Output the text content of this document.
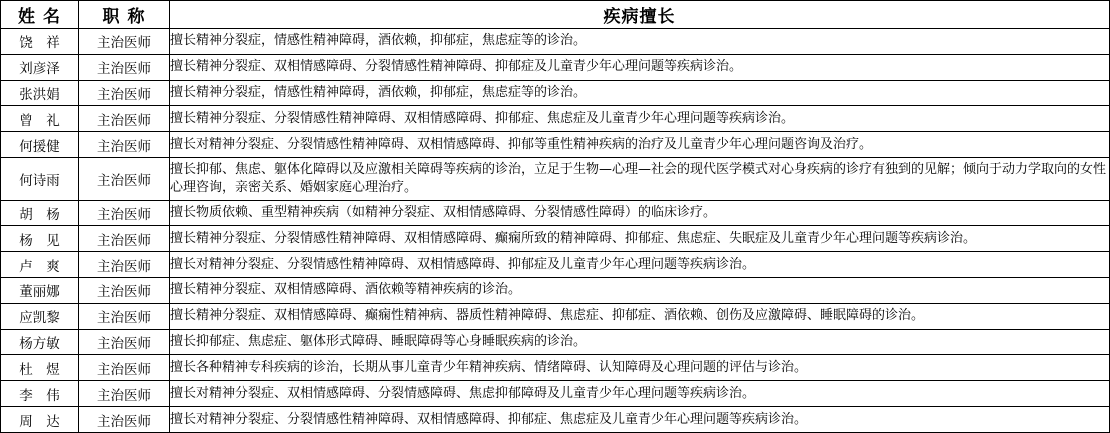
姓 名	职 称	疾病擅长
饶　祥	主治医师	擅长精神分裂症，情感性精神障碍，酒依赖，抑郁症，焦虑症等的诊治。
刘彦泽	主治医师	擅长精神分裂症、双相情感障碍、分裂情感性精神障碍、抑郁症及儿童青少年心理问题等疾病诊治。
张洪娟	主治医师	擅长精神分裂症，情感性精神障碍，酒依赖，抑郁症，焦虑症等的诊治。
曾　礼	主治医师	擅长精神分裂症、分裂情感性精神障碍、双相情感障碍、抑郁症、焦虑症及儿童青少年心理问题等疾病诊治。
何援健	主治医师	擅长对精神分裂症、分裂情感性精神障碍、双相情感障碍、抑郁等重性精神疾病的治疗及儿童青少年心理问题咨询及治疗。
何诗雨	主治医师	擅长抑郁、焦虑、躯体化障碍以及应激相关障碍等疾病的诊治，立足于生物—心理—社会的现代医学模式对心身疾病的诊疗有独到的见解；倾向于动力学取向的女性心理咨询，亲密关系、婚姻家庭心理治疗。
胡　杨	主治医师	擅长物质依赖、重型精神疾病（如精神分裂症、双相情感障碍、分裂情感性障碍）的临床诊疗。
杨　见	主治医师	擅长精神分裂症、分裂情感性精神障碍、双相情感障碍、癫痫所致的精神障碍、抑郁症、焦虑症、失眠症及儿童青少年心理问题等疾病诊治。
卢　爽	主治医师	擅长对精神分裂症、分裂情感性精神障碍、双相情感障碍、抑郁症及儿童青少年心理问题等疾病诊治。
董丽娜	主治医师	擅长精神分裂症、双相情感障碍、酒依赖等精神疾病的诊治。
应凯黎	主治医师	擅长精神分裂症、双相情感障碍、癫痫性精神病、器质性精神障碍、焦虑症、抑郁症、酒依赖、创伤及应激障碍、睡眠障碍的诊治。
杨方敏	主治医师	擅长抑郁症、焦虑症、躯体形式障碍、睡眠障碍等心身睡眠疾病的诊治。
杜　煜	主治医师	擅长各种精神专科疾病的诊治，长期从事儿童青少年精神疾病、情绪障碍、认知障碍及心理问题的评估与诊治。
李　伟	主治医师	擅长对精神分裂症、双相情感障碍、分裂情感障碍、焦虑抑郁障碍及儿童青少年心理问题等疾病诊治。
周　达	主治医师	擅长对精神分裂症、分裂情感性精神障碍、双相情感障碍、抑郁症、焦虑症及儿童青少年心理问题等疾病诊治。
